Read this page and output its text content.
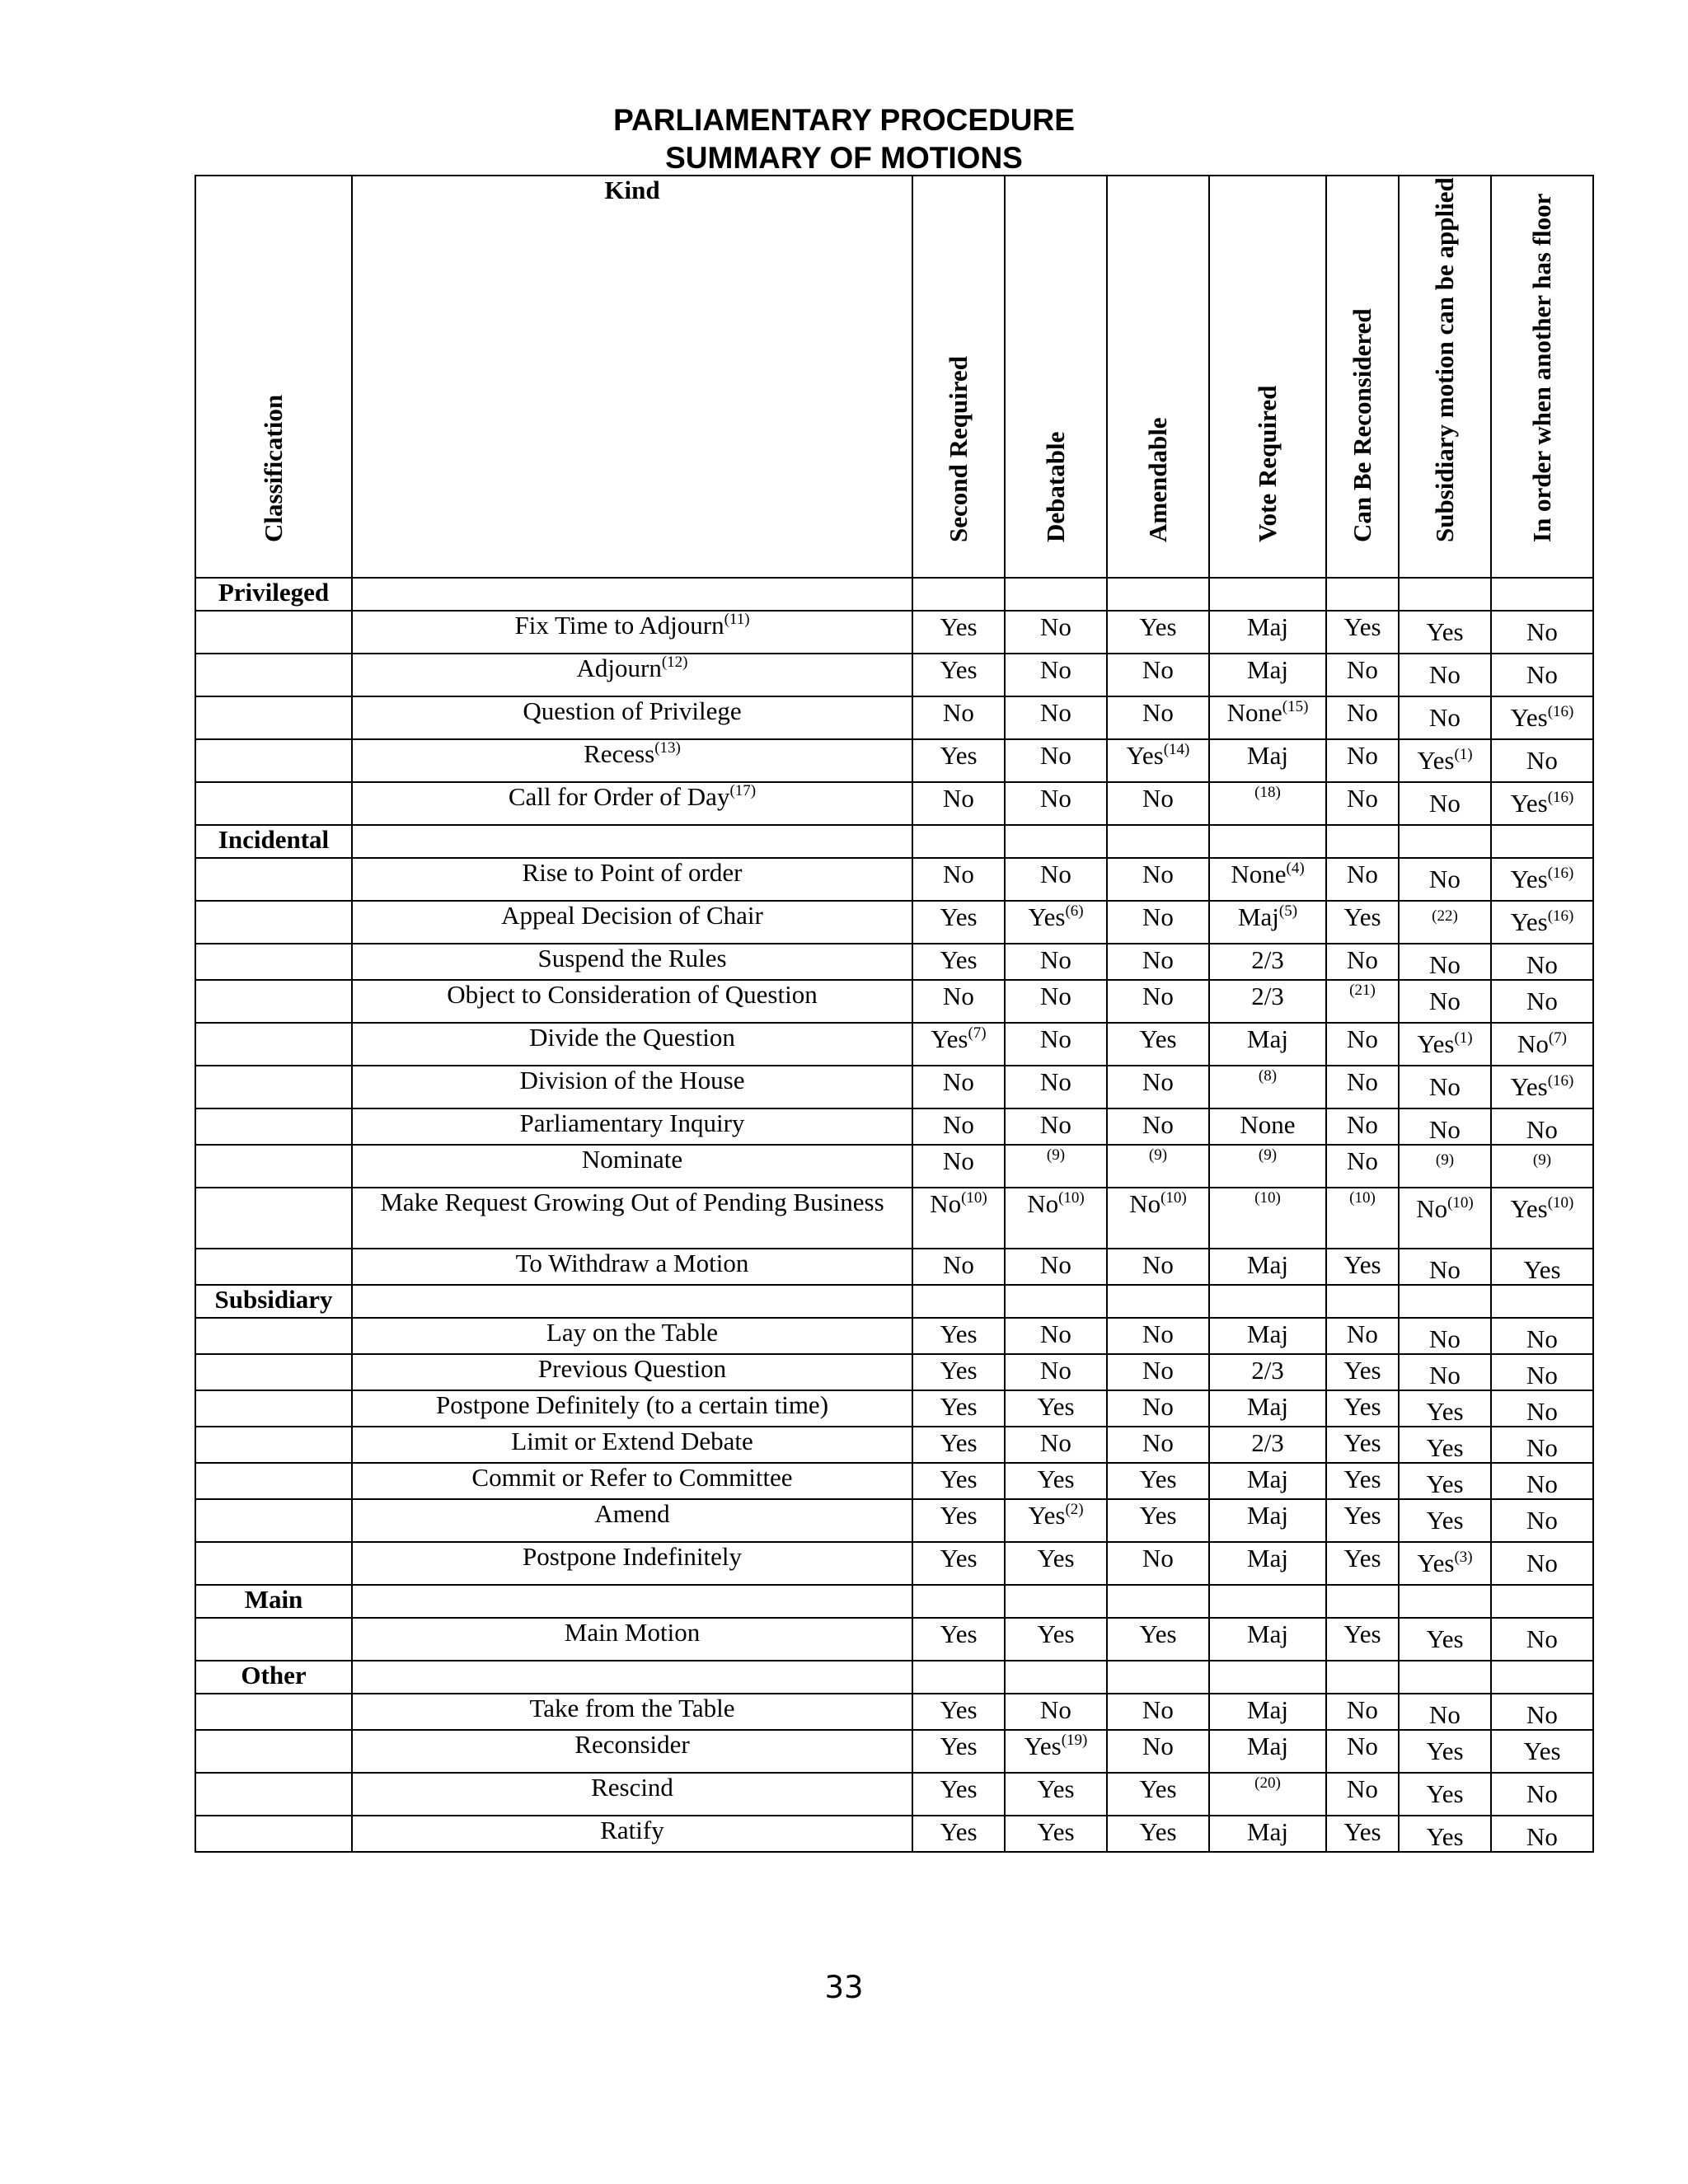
PARLIAMENTARY PROCEDURE
SUMMARY OF MOTIONS
Classification	Kind	Second Required	Debatable	Amendable	Vote Required	Can Be Reconsidered	Subsidiary motion can be applied	In order when another has floor

Privileged								
	Fix Time to Adjourn$^{(11)}$	Yes	No	Yes	Maj	Yes	Yes	No
	Adjourn$^{(12)}$	Yes	No	No	Maj	No	No	No
	Question of Privilege	No	No	No	None$^{(15)}$	No	No	Yes$^{(16)}$
	Recess$^{(13)}$	Yes	No	Yes$^{(14)}$	Maj	No	Yes$^{(1)}$	No
	Call for Order of Day$^{(17)}$	No	No	No	$^{(18)}$	No	No	Yes$^{(16)}$
Incidental								
	Rise to Point of order	No	No	No	None$^{(4)}$	No	No	Yes$^{(16)}$
	Appeal Decision of Chair	Yes	Yes$^{(6)}$	No	Maj$^{(5)}$	Yes	$^{(22)}$	Yes$^{(16)}$
	Suspend the Rules	Yes	No	No	2/3	No	No	No
	Object to Consideration of Question	No	No	No	2/3	$^{(21)}$	No	No
	Divide the Question	Yes$^{(7)}$	No	Yes	Maj	No	Yes$^{(1)}$	No$^{(7)}$
	Division of the House	No	No	No	$^{(8)}$	No	No	Yes$^{(16)}$
	Parliamentary Inquiry	No	No	No	None	No	No	No
	Nominate	No	$^{(9)}$	$^{(9)}$	$^{(9)}$	No	$^{(9)}$	$^{(9)}$
	Make Request Growing Out of Pending Business	No$^{(10)}$	No$^{(10)}$	No$^{(10)}$	$^{(10)}$	$^{(10)}$	No$^{(10)}$	Yes$^{(10)}$
	To Withdraw a Motion	No	No	No	Maj	Yes	No	Yes
Subsidiary								
	Lay on the Table	Yes	No	No	Maj	No	No	No
	Previous Question	Yes	No	No	2/3	Yes	No	No
	Postpone Definitely (to a certain time)	Yes	Yes	No	Maj	Yes	Yes	No
	Limit or Extend Debate	Yes	No	No	2/3	Yes	Yes	No
	Commit or Refer to Committee	Yes	Yes	Yes	Maj	Yes	Yes	No
	Amend	Yes	Yes$^{(2)}$	Yes	Maj	Yes	Yes	No
	Postpone Indefinitely	Yes	Yes	No	Maj	Yes	Yes$^{(3)}$	No
Main								
	Main Motion	Yes	Yes	Yes	Maj	Yes	Yes	No
Other								
	Take from the Table	Yes	No	No	Maj	No	No	No
	Reconsider	Yes	Yes$^{(19)}$	No	Maj	No	Yes	Yes
	Rescind	Yes	Yes	Yes	$^{(20)}$	No	Yes	No
	Ratify	Yes	Yes	Yes	Maj	Yes	Yes	No
33
